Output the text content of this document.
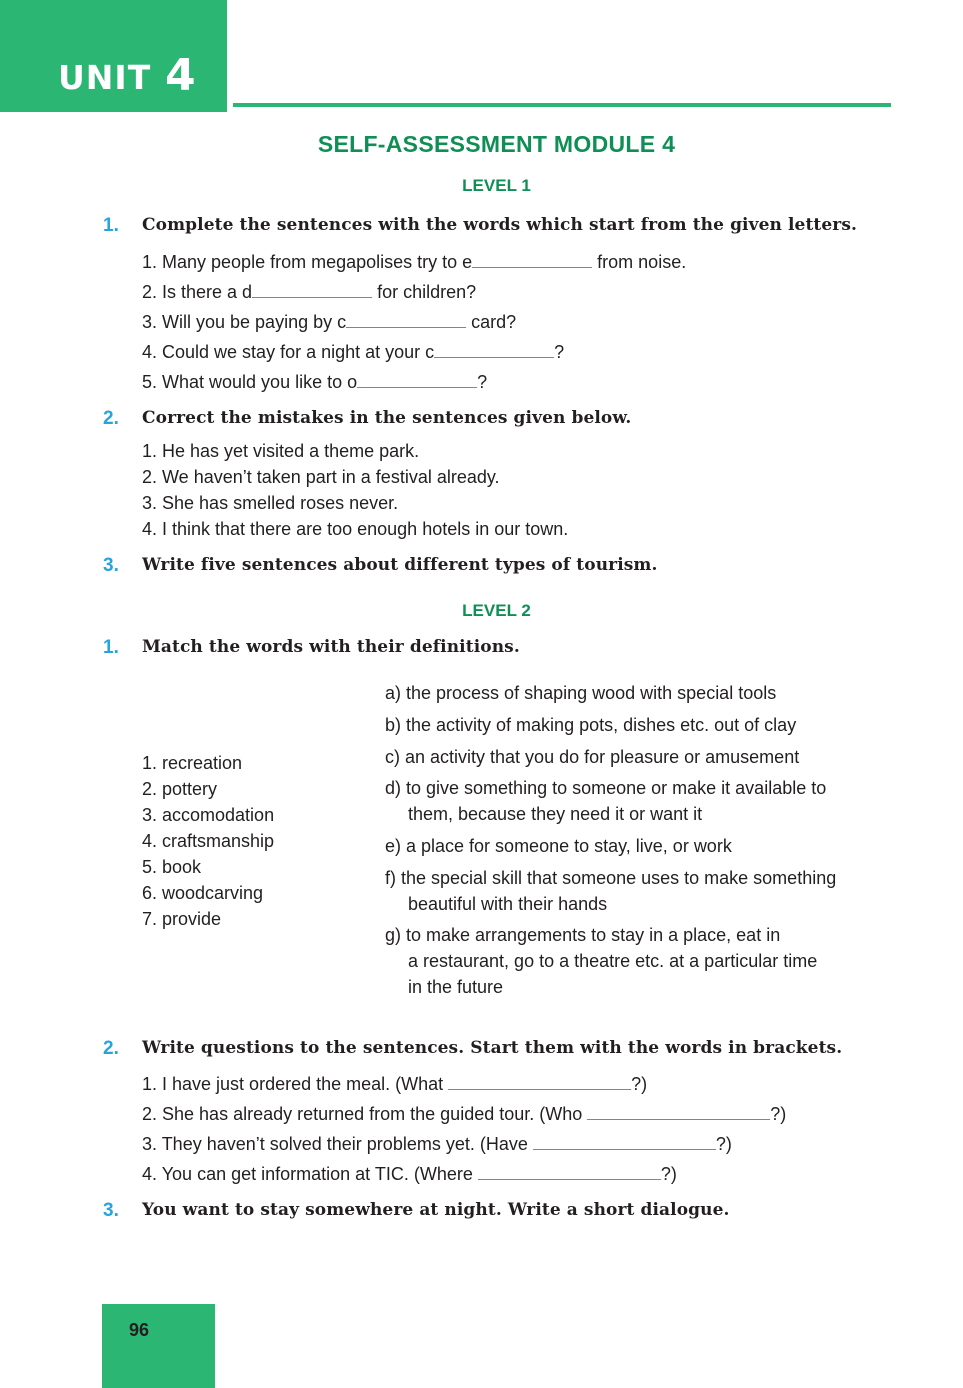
UNIT 4
SELF-ASSESSMENT MODULE 4
LEVEL 1
1. Complete the sentences with the words which start from the given letters.
1. Many people from megapolises try to e	from noise.
2. Is there a d	for children?
3. Will you be paying by c	card?
4. Could we stay for a night at your c	?
5. What would you like to o	?
2. Correct the mistakes in the sentences given below.
1. He has yet visited a theme park.
2. We haven’t taken part in a festival already.
3. She has smelled roses never.
4. I think that there are too enough hotels in our town.
3. Write five sentences about different types of tourism.
LEVEL 2
1. Match the words with their definitions.
1. recreation
2. pottery
3. accomodation
4. craftsmanship
5. book
6. woodcarving
7. provide
a) the process of shaping wood with special tools
b) the activity of making pots, dishes etc. out of clay
c) an activity that you do for pleasure or amusement
d) to give something to someone or make it available to
them, because they need it or want it
e) a place for someone to stay, live, or work
f) the special skill that someone uses to make something
beautiful with their hands
g) to make arrangements to stay in a place, eat in
a restaurant, go to a theatre etc. at a particular time
in the future
2. Write questions to the sentences. Start them with the words in brackets.
1. I have just ordered the meal. (What	?)
2. She has already returned from the guided tour. (Who	?)
3. They haven’t solved their problems yet. (Have	?)
4. You can get information at TIC. (Where	?)
3. You want to stay somewhere at night. Write a short dialogue.
96
